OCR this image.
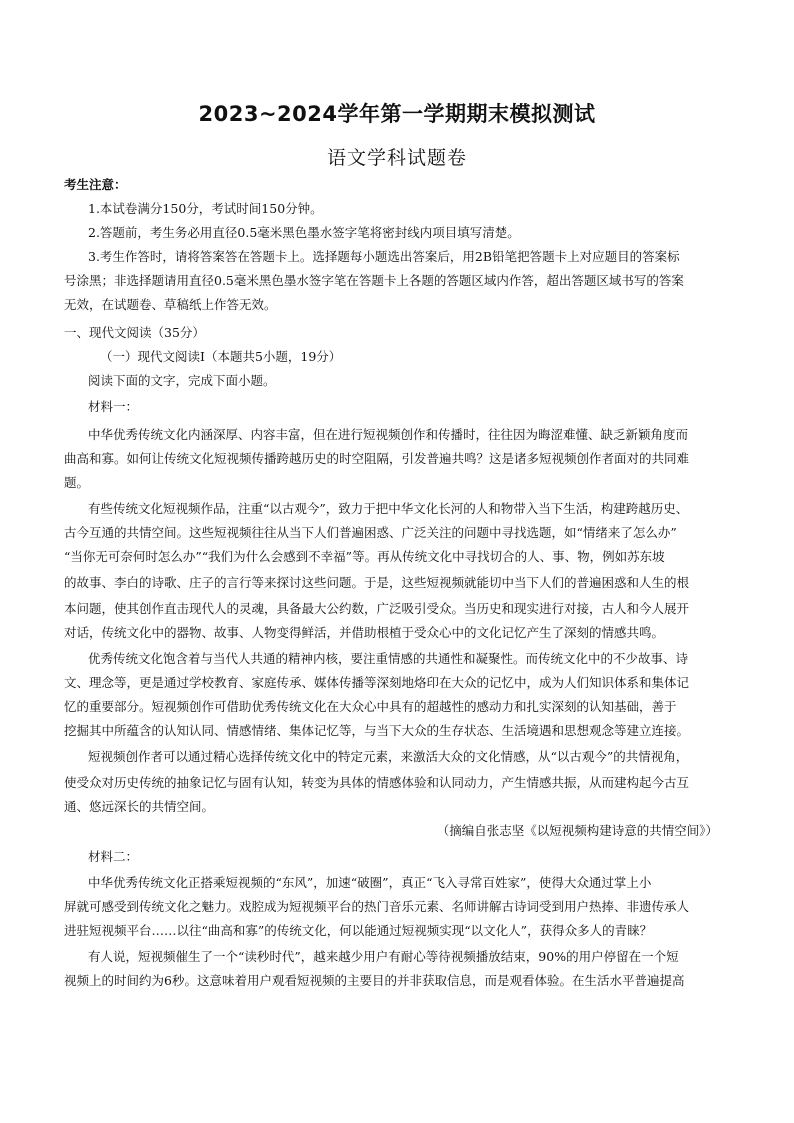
2023~2024学年第一学期期末模拟测试
语文学科试题卷
考生注意：
1.本试卷满分150分，考试时间150分钟。
2.答题前，考生务必用直径0.5毫米黑色墨水签字笔将密封线内项目填写清楚。
3.考生作答时，请将答案答在答题卡上。选择题每小题选出答案后，用2B铅笔把答题卡上对应题目的答案标
号涂黑；非选择题请用直径0.5毫米黑色墨水签字笔在答题卡上各题的答题区域内作答，超出答题区域书写的答案
无效，在试题卷、草稿纸上作答无效。
一、现代文阅读（35分）
（一）现代文阅读Ⅰ（本题共5小题，19分）
阅读下面的文字，完成下面小题。
材料一：
中华优秀传统文化内涵深厚、内容丰富，但在进行短视频创作和传播时，往往因为晦涩难懂、缺乏新颖角度而
曲高和寡。如何让传统文化短视频传播跨越历史的时空阻隔，引发普遍共鸣？这是诸多短视频创作者面对的共同难
题。
有些传统文化短视频作品，注重“以古观今”，致力于把中华文化长河的人和物带入当下生活，构建跨越历史、
古今互通的共情空间。这些短视频往往从当下人们普遍困惑、广泛关注的问题中寻找选题，如“情绪来了怎么办”
“当你无可奈何时怎么办”“我们为什么会感到不幸福”等。再从传统文化中寻找切合的人、事、物，例如苏东坡
的故事、李白的诗歌、庄子的言行等来探讨这些问题。于是，这些短视频就能切中当下人们的普遍困惑和人生的根
本问题，使其创作直击现代人的灵魂，具备最大公约数，广泛吸引受众。当历史和现实进行对接，古人和今人展开
对话，传统文化中的器物、故事、人物变得鲜活，并借助根植于受众心中的文化记忆产生了深刻的情感共鸣。
优秀传统文化饱含着与当代人共通的精神内核，要注重情感的共通性和凝聚性。而传统文化中的不少故事、诗
文、理念等，更是通过学校教育、家庭传承、媒体传播等深刻地烙印在大众的记忆中，成为人们知识体系和集体记
忆的重要部分。短视频创作可借助优秀传统文化在大众心中具有的超越性的感动力和扎实深刻的认知基础，善于
挖掘其中所蕴含的认知认同、情感情绪、集体记忆等，与当下大众的生存状态、生活境遇和思想观念等建立连接。
短视频创作者可以通过精心选择传统文化中的特定元素，来激活大众的文化情感，从“以古观今”的共情视角，
使受众对历史传统的抽象记忆与固有认知，转变为具体的情感体验和认同动力，产生情感共振，从而建构起今古互
通、悠远深长的共情空间。
（摘编自张志坚《以短视频构建诗意的共情空间》）
材料二：
中华优秀传统文化正搭乘短视频的“东风”，加速“破圈”，真正“飞入寻常百姓家”，使得大众通过掌上小
屏就可感受到传统文化之魅力。戏腔成为短视频平台的热门音乐元素、名师讲解古诗词受到用户热捧、非遗传承人
进驻短视频平台……以往“曲高和寡”的传统文化，何以能通过短视频实现“以文化人”，获得众多人的青睐？
有人说，短视频催生了一个“读秒时代”，越来越少用户有耐心等待视频播放结束，90%的用户停留在一个短
视频上的时间约为6秒。这意味着用户观看短视频的主要目的并非获取信息，而是观看体验。在生活水平普遍提高
